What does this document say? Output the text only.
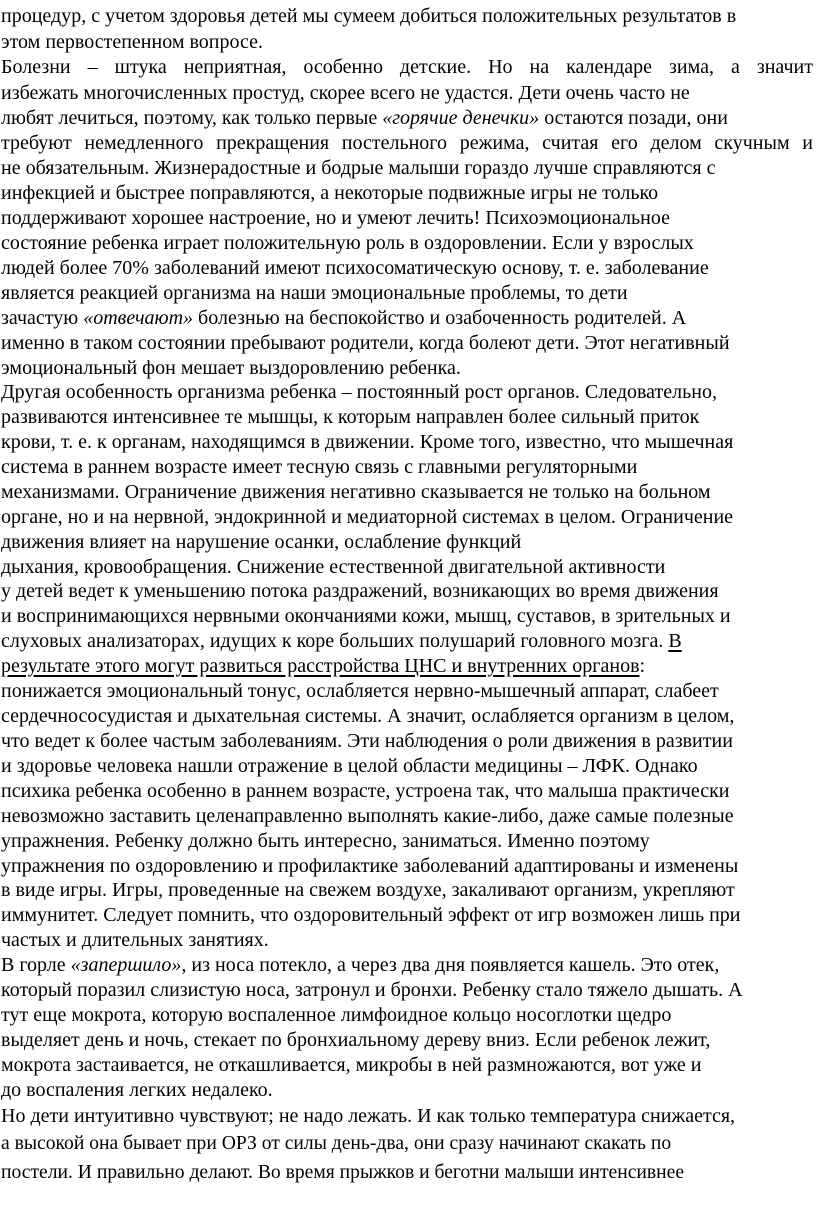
процедур, с учетом здоровья детей мы сумеем добиться положительных результатов в
этом первостепенном вопросе.
Болезни – штука неприятная, особенно детские. Но на календаре зима, а значит
избежать многочисленных простуд, скорее всего не удастся. Дети очень часто не
любят лечиться, поэтому, как только первые «горячие денечки» остаются позади, они
требуют немедленного прекращения постельного режима, считая его делом скучным и
не обязательным. Жизнерадостные и бодрые малыши гораздо лучше справляются с
инфекцией и быстрее поправляются, а некоторые подвижные игры не только
поддерживают хорошее настроение, но и умеют лечить! Психоэмоциональное
состояние ребенка играет положительную роль в оздоровлении. Если у взрослых
людей более 70% заболеваний имеют психосоматическую основу, т. е. заболевание
является реакцией организма на наши эмоциональные проблемы, то дети
зачастую «отвечают» болезнью на беспокойство и озабоченность родителей. А
именно в таком состоянии пребывают родители, когда болеют дети. Этот негативный
эмоциональный фон мешает выздоровлению ребенка.
Другая особенность организма ребенка – постоянный рост органов. Следовательно,
развиваются интенсивнее те мышцы, к которым направлен более сильный приток
крови, т. е. к органам, находящимся в движении. Кроме того, известно, что мышечная
система в раннем возрасте имеет тесную связь с главными регуляторными
механизмами. Ограничение движения негативно сказывается не только на больном
органе, но и на нервной, эндокринной и медиаторной системах в целом. Ограничение
движения влияет на нарушение осанки, ослабление функций
дыхания, кровообращения. Снижение естественной двигательной активности
у детей ведет к уменьшению потока раздражений, возникающих во время движения
и воспринимающихся нервными окончаниями кожи, мышц, суставов, в зрительных и
слуховых анализаторах, идущих к коре больших полушарий головного мозга. В
результате этого могут развиться расстройства ЦНС и внутренних органов:
понижается эмоциональный тонус, ослабляется нервно-мышечный аппарат, слабеет
сердечнососудистая и дыхательная системы. А значит, ослабляется организм в целом,
что ведет к более частым заболеваниям. Эти наблюдения о роли движения в развитии
и здоровье человека нашли отражение в целой области медицины – ЛФК. Однако
психика ребенка особенно в раннем возрасте, устроена так, что малыша практически
невозможно заставить целенаправленно выполнять какие-либо, даже самые полезные
упражнения. Ребенку должно быть интересно, заниматься. Именно поэтому
упражнения по оздоровлению и профилактике заболеваний адаптированы и изменены
в виде игры. Игры, проведенные на свежем воздухе, закаливают организм, укрепляют
иммунитет. Следует помнить, что оздоровительный эффект от игр возможен лишь при
частых и длительных занятиях.
В горле «запершило», из носа потекло, а через два дня появляется кашель. Это отек,
который поразил слизистую носа, затронул и бронхи. Ребенку стало тяжело дышать. А
тут еще мокрота, которую воспаленное лимфоидное кольцо носоглотки щедро
выделяет день и ночь, стекает по бронхиальному дереву вниз. Если ребенок лежит,
мокрота застаивается, не откашливается, микробы в ней размножаются, вот уже и
до воспаления легких недалеко.
Но дети интуитивно чувствуют; не надо лежать. И как только температура снижается,
а высокой она бывает при ОРЗ от силы день-два, они сразу начинают скакать по
постели. И правильно делают. Во время прыжков и беготни малыши интенсивнее
